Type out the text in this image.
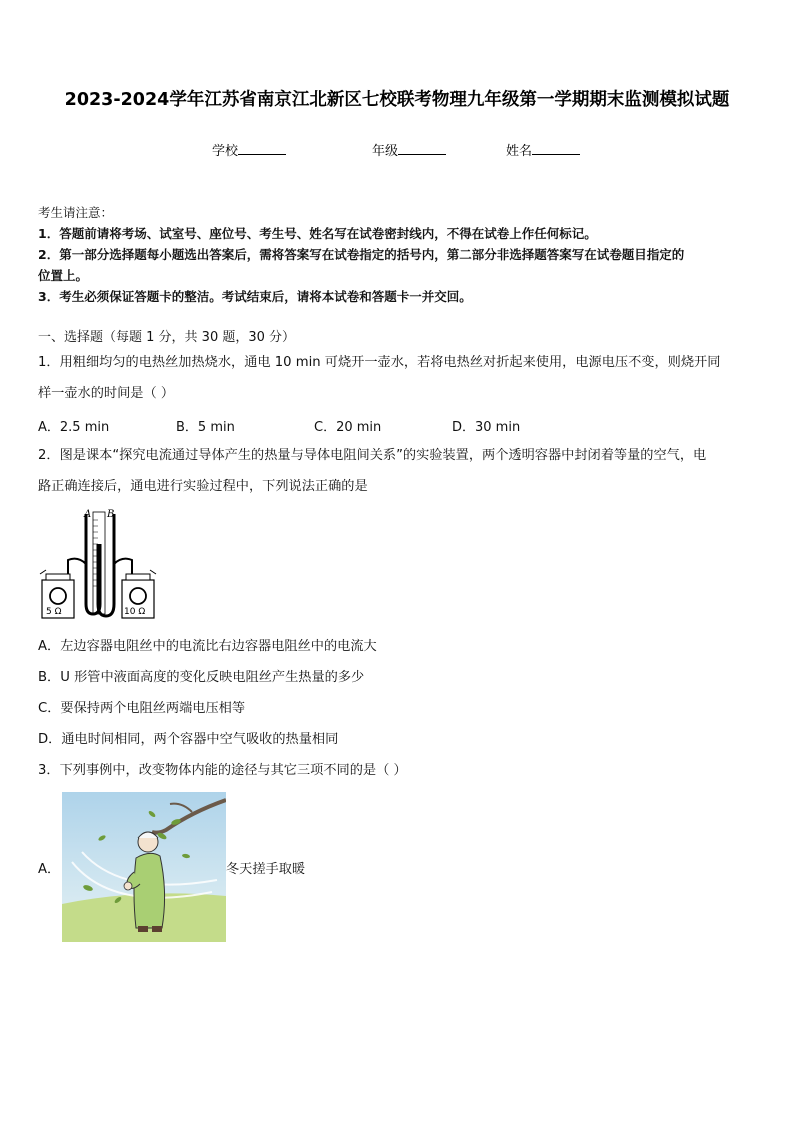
2023-2024学年江苏省南京江北新区七校联考物理九年级第一学期期末监测模拟试题
学校	年级	姓名
考生请注意：
1．答题前请将考场、试室号、座位号、考生号、姓名写在试卷密封线内，不得在试卷上作任何标记。
2．第一部分选择题每小题选出答案后，需将答案写在试卷指定的括号内，第二部分非选择题答案写在试卷题目指定的
位置上。
3．考生必须保证答题卡的整洁。考试结束后，请将本试卷和答题卡一并交回。
一、选择题（每题 1 分，共 30 题，30 分）
1．用粗细均匀的电热丝加热烧水，通电 10 min 可烧开一壶水，若将电热丝对折起来使用，电源电压不变，则烧开同
样一壶水的时间是（ ）
A．2.5 min	B．5 min	C．20 min	D．30 min
2．图是课本“探究电流通过导体产生的热量与导体电阻间关系”的实验装置，两个透明容器中封闭着等量的空气，电
路正确连接后，通电进行实验过程中，下列说法正确的是
A B
5 Ω	10 Ω
A．左边容器电阻丝中的电流比右边容器电阻丝中的电流大
B．U 形管中液面高度的变化反映电阻丝产生热量的多少
C．要保持两个电阻丝两端电压相等
D．通电时间相同，两个容器中空气吸收的热量相同
3．下列事例中，改变物体内能的途径与其它三项不同的是（ ）
A．	冬天搓手取暖
